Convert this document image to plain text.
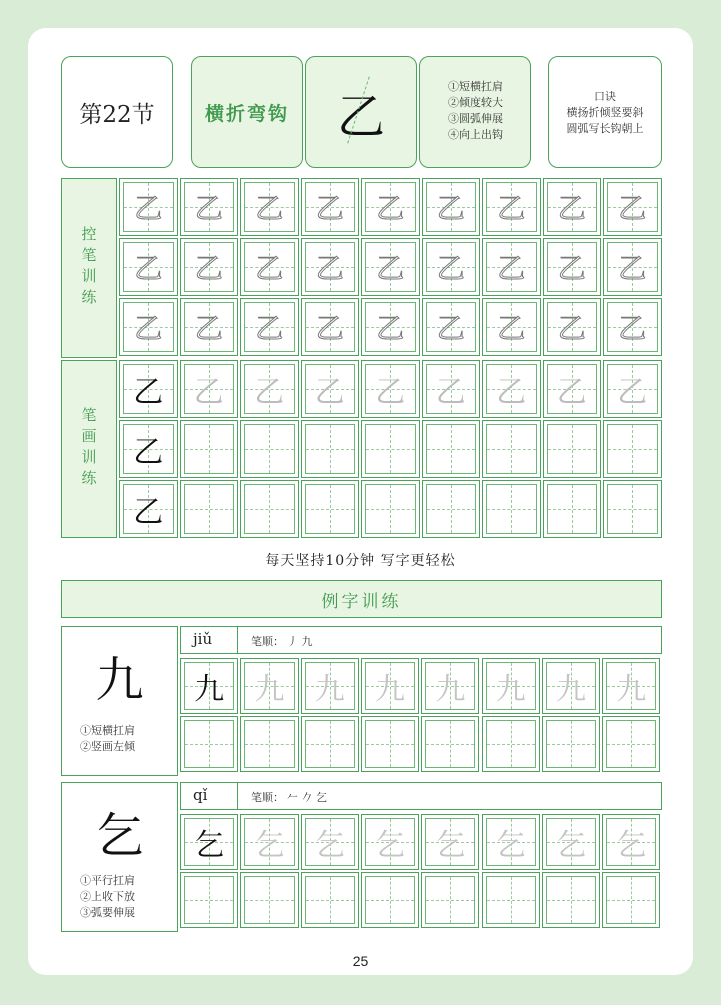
第22节	横折弯钩 乙
①短横扛肩
②倾度较大
③圆弧伸展
④向上出钩
口诀
横扬折倾竖要斜
圆弧写长钩朝上
控笔训练
笔画训练
乙	乙	乙	乙	乙	乙	乙	乙	乙
乙	乙	乙	乙	乙	乙	乙	乙	乙
乙	乙	乙	乙	乙	乙	乙	乙	乙
乙	乙	乙	乙	乙	乙	乙	乙	乙
乙
乙
每天坚持10分钟 写字更轻松
例字训练
九
①短横扛肩
②竖画左倾
jiǔ	笔顺： 丿 九
乞
①平行扛肩
②上收下放
③弧要伸展
qǐ	笔顺： 𠂉 𠂊 乞
九	九	九	九	九	九	九	九
乞	乞	乞	乞	乞	乞	乞	乞
25
